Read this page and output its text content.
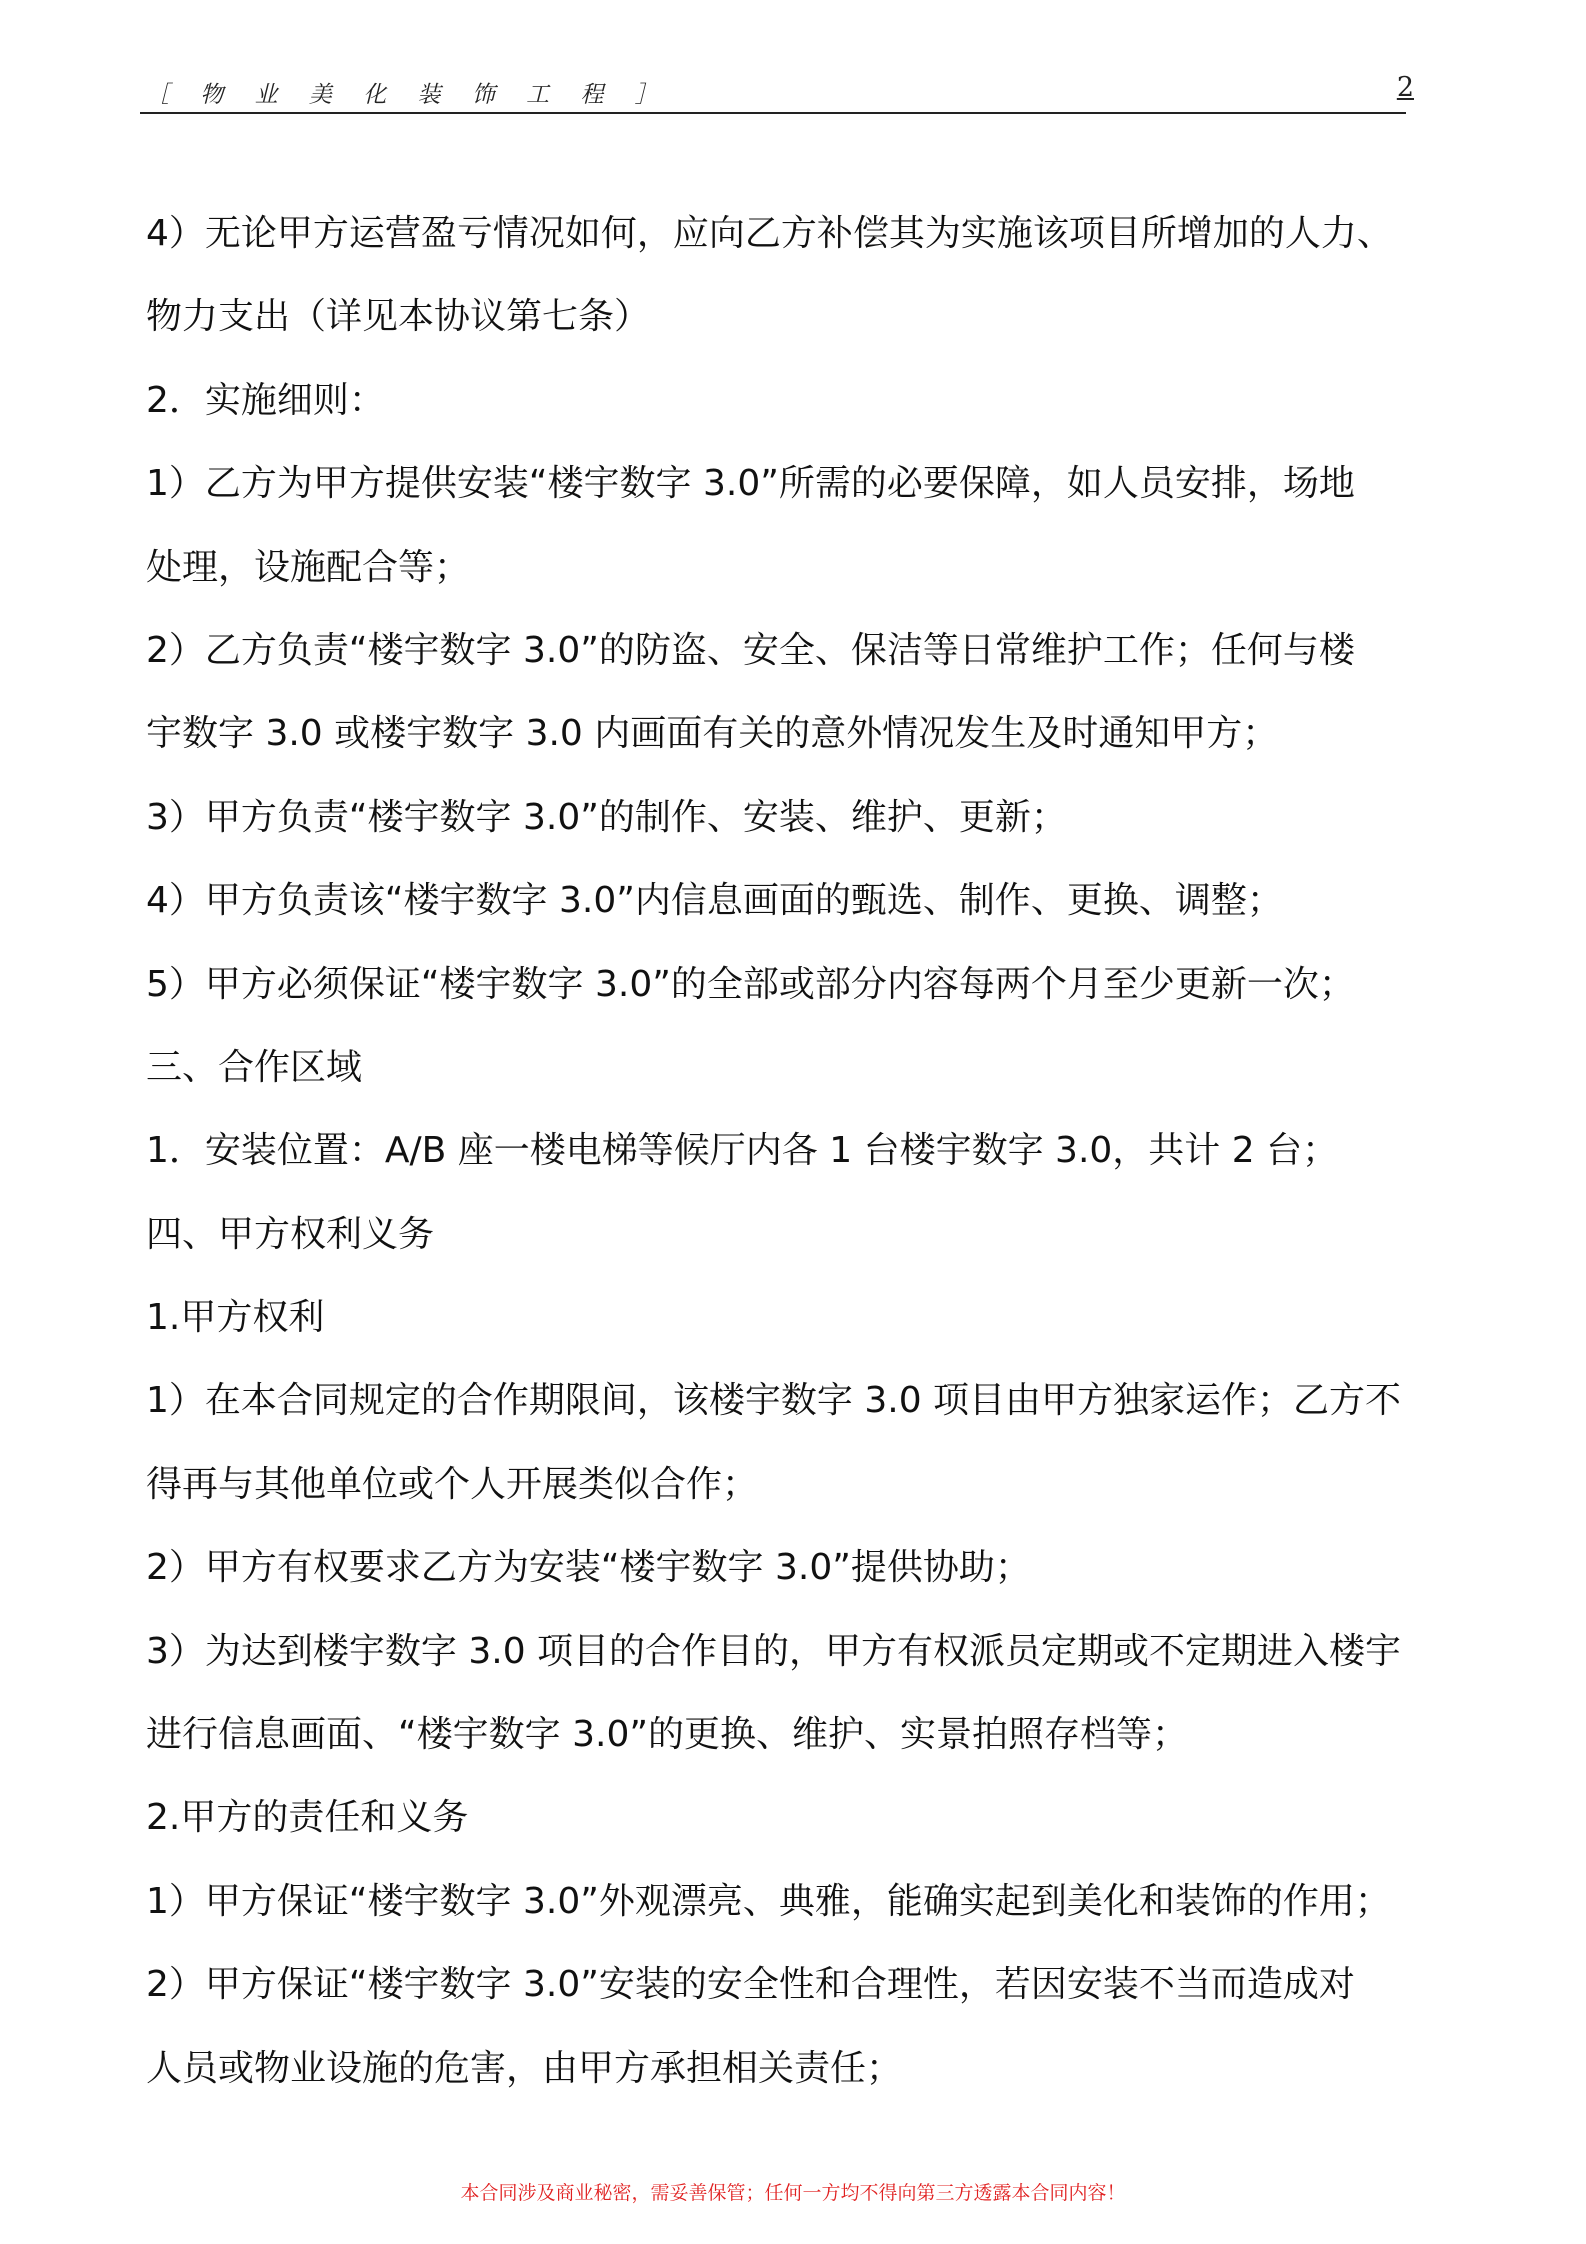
［ 物 业 美 化 装 饰 工 程 ］	2
4）无论甲方运营盈亏情况如何，应向乙方补偿其为实施该项目所增加的人力、
物力支出（详见本协议第七条）
2．实施细则：
1）乙方为甲方提供安装“楼宇数字 3.0”所需的必要保障，如人员安排，场地
处理，设施配合等；
2）乙方负责“楼宇数字 3.0”的防盗、安全、保洁等日常维护工作；任何与楼
宇数字 3.0 或楼宇数字 3.0 内画面有关的意外情况发生及时通知甲方；
3）甲方负责“楼宇数字 3.0”的制作、安装、维护、更新；
4）甲方负责该“楼宇数字 3.0”内信息画面的甄选、制作、更换、调整；
5）甲方必须保证“楼宇数字 3.0”的全部或部分内容每两个月至少更新一次；
三、合作区域
1．安装位置：A/B 座一楼电梯等候厅内各 1 台楼宇数字 3.0，共计 2 台；
四、甲方权利义务
1.甲方权利
1）在本合同规定的合作期限间，该楼宇数字 3.0 项目由甲方独家运作；乙方不
得再与其他单位或个人开展类似合作；
2）甲方有权要求乙方为安装“楼宇数字 3.0”提供协助；
3）为达到楼宇数字 3.0 项目的合作目的，甲方有权派员定期或不定期进入楼宇
进行信息画面、“楼宇数字 3.0”的更换、维护、实景拍照存档等；
2.甲方的责任和义务
1）甲方保证“楼宇数字 3.0”外观漂亮、典雅，能确实起到美化和装饰的作用；
2）甲方保证“楼宇数字 3.0”安装的安全性和合理性，若因安装不当而造成对
人员或物业设施的危害，由甲方承担相关责任；
本合同涉及商业秘密，需妥善保管；任何一方均不得向第三方透露本合同内容！
